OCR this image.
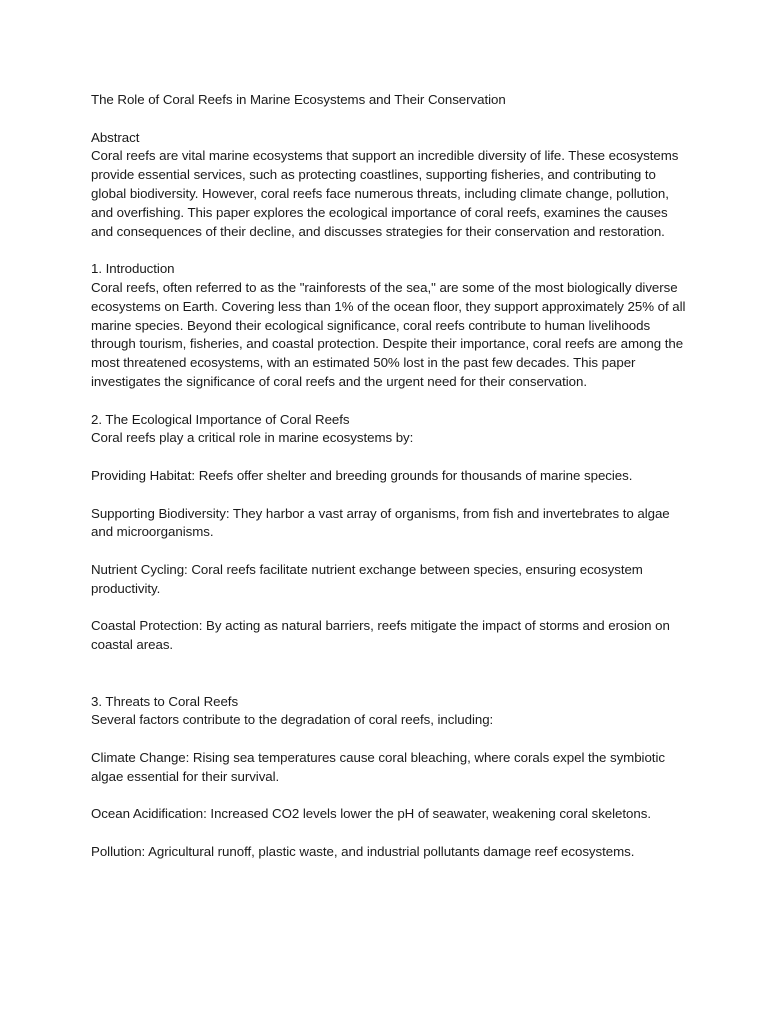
The Role of Coral Reefs in Marine Ecosystems and Their Conservation

Abstract

Coral reefs are vital marine ecosystems that support an incredible diversity of life. These ecosystems provide essential services, such as protecting coastlines, supporting fisheries, and contributing to global biodiversity. However, coral reefs face numerous threats, including climate change, pollution, and overfishing. This paper explores the ecological importance of coral reefs, examines the causes and consequences of their decline, and discusses strategies for their conservation and restoration.

1. Introduction

Coral reefs, often referred to as the "rainforests of the sea," are some of the most biologically diverse ecosystems on Earth. Covering less than 1% of the ocean floor, they support approximately 25% of all marine species. Beyond their ecological significance, coral reefs contribute to human livelihoods through tourism, fisheries, and coastal protection. Despite their importance, coral reefs are among the most threatened ecosystems, with an estimated 50% lost in the past few decades. This paper investigates the significance of coral reefs and the urgent need for their conservation.

2. The Ecological Importance of Coral Reefs

Coral reefs play a critical role in marine ecosystems by:

Providing Habitat: Reefs offer shelter and breeding grounds for thousands of marine species.

Supporting Biodiversity: They harbor a vast array of organisms, from fish and invertebrates to algae and microorganisms.

Nutrient Cycling: Coral reefs facilitate nutrient exchange between species, ensuring ecosystem productivity.

Coastal Protection: By acting as natural barriers, reefs mitigate the impact of storms and erosion on coastal areas.

3. Threats to Coral Reefs

Several factors contribute to the degradation of coral reefs, including:

Climate Change: Rising sea temperatures cause coral bleaching, where corals expel the symbiotic algae essential for their survival.

Ocean Acidification: Increased CO2 levels lower the pH of seawater, weakening coral skeletons.

Pollution: Agricultural runoff, plastic waste, and industrial pollutants damage reef ecosystems.
